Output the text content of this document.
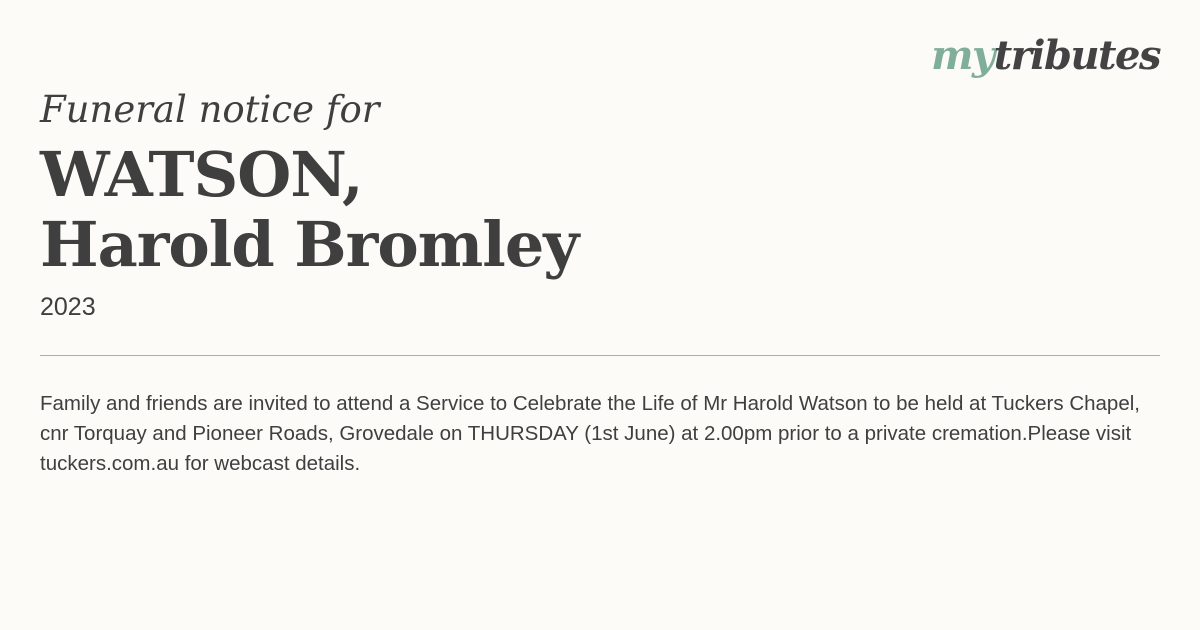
mytributes
Funeral notice for
WATSON,
Harold Bromley
2023

Family and friends are invited to attend a Service to Celebrate the Life of Mr Harold Watson to be held at Tuckers Chapel, cnr Torquay and Pioneer Roads, Grovedale on THURSDAY (1st June) at 2.00pm prior to a private cremation.Please visit tuckers.com.au for webcast details.
